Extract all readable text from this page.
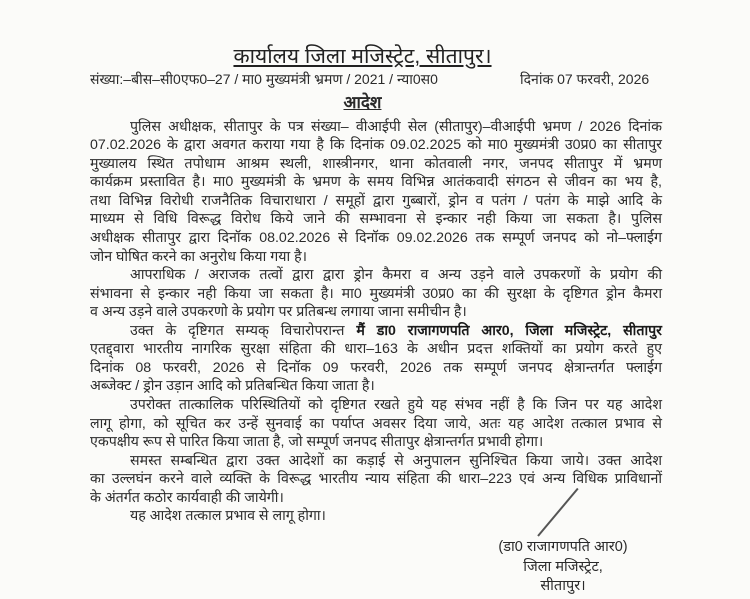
कार्यालय जिला मजिस्ट्रेट, सीतापुर।
संख्या:–बीस–सी0एफ0–27 / मा0 मुख्यमंत्री भ्रमण / 2021 / न्या0स0	दिनांक 07 फरवरी, 2026
आदेश
पुलिस अधीक्षक, सीतापुर के पत्र संख्या– वीआईपी सेल (सीतापुर)–वीआईपी भ्रमण / 2026 दिनांक
07.02.2026 के द्वारा अवगत कराया गया है कि दिनांक 09.02.2025 को मा0 मुख्यमंत्री उ0प्र0 का सीतापुर
मुख्यालय स्थित तपोधाम आश्रम स्थली, शास्त्रीनगर, थाना कोतवाली नगर, जनपद सीतापुर में भ्रमण
कार्यक्रम प्रस्तावित है। मा0 मुख्यमंत्री के भ्रमण के समय विभिन्न आतंकवादी संगठन से जीवन का भय है,
तथा विभिन्न विरोधी राजनैतिक विचाराधारा / समूहों द्वारा गुब्बारों, ड्रोन व पतंग / पतंग के माझे आदि के
माध्यम से विधि विरूद्ध विरोध किये जाने की सम्भावना से इन्कार नही किया जा सकता है। पुलिस
अधीक्षक सीतापुर द्वारा दिनॉक 08.02.2026 से दिनॉक 09.02.2026 तक सम्पूर्ण जनपद को नो–फ्लाईग
जोन घोषित करने का अनुरोध किया गया है।
आपराधिक / अराजक तत्वों द्वारा द्वारा ड्रोन कैमरा व अन्य उड़ने वाले उपकरणों के प्रयोग की
संभावना से इन्कार नही किया जा सकता है। मा0 मुख्यमंत्री उ0प्र0 का की सुरक्षा के दृष्टिगत ड्रोन कैमरा
व अन्य उड़ने वाले उपकरणो के प्रयोग पर प्रतिबन्ध लगाया जाना समीचीन है।
उक्त के दृष्टिगत सम्यक् विचारोपरान्त मैं डा0 राजागणपति आर0, जिला मजिस्ट्रेट, सीतापुर
एतद्द्वारा भारतीय नागरिक सुरक्षा संहिता की धारा–163 के अधीन प्रदत्त शक्तियों का प्रयोग करते हुए
दिनांक 08 फरवरी, 2026 से दिनॉक 09 फरवरी, 2026 तक सम्पूर्ण जनपद क्षेत्रान्तर्गत फ्लाईग
अब्जेक्ट / ड्रोन उड़ान आदि को प्रतिबन्धित किया जाता है।
उपरोक्त तात्कालिक परिस्थितियों को दृष्टिगत रखते हुये यह संभव नहीं है कि जिन पर यह आदेश
लागू होगा, को सूचित कर उन्हें सुनवाई का पर्याप्त अवसर दिया जाये, अतः यह आदेश तत्काल प्रभाव से
एकपक्षीय रूप से पारित किया जाता है, जो सम्पूर्ण जनपद सीतापुर क्षेत्रान्तर्गत प्रभावी होगा।
समस्त सम्बन्धित द्वारा उक्त आदेशों का कड़ाई से अनुपालन सुनिश्चित किया जाये। उक्त आदेश
का उल्लघंन करने वाले व्यक्ति के विरूद्ध भारतीय न्याय संहिता की धारा–223 एवं अन्य विधिक प्राविधानों
के अंतर्गत कठोर कार्यवाही की जायेगी।
यह आदेश तत्काल प्रभाव से लागू होगा।
(डा0 राजागणपति आर0)
जिला मजिस्ट्रेट,
सीतापुर।
